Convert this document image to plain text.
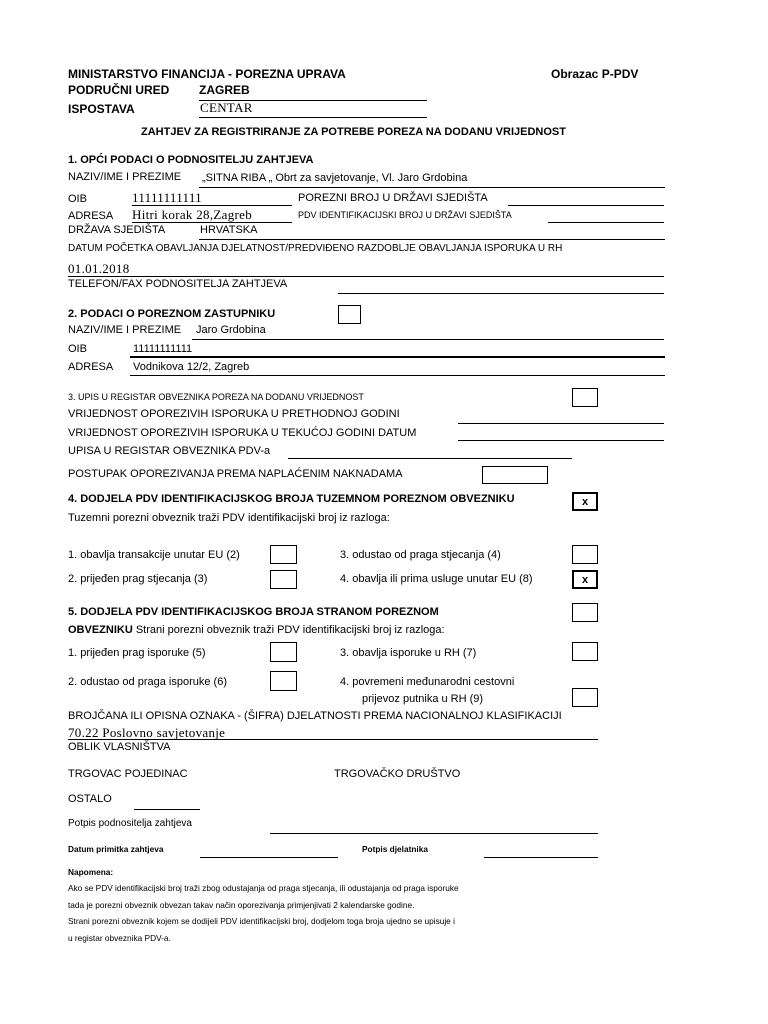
MINISTARSTVO FINANCIJA - POREZNA UPRAVA	Obrazac P-PDV
PODRUČNI URED ZAGREB
ISPOSTAVA	CENTAR
ZAHTJEV ZA REGISTRIRANJE ZA POTREBE POREZA NA DODANU VRIJEDNOST
1. OPĆI PODACI O PODNOSITELJU ZAHTJEVA
NAZIV/IME I PREZIME „SITNA RIBA „ Obrt za savjetovanje, Vl. Jaro Grdobina
OIB	11111111111	POREZNI BROJ U DRŽAVI SJEDIŠTA
ADRESA Hitri korak 28,Zagreb	PDV IDENTIFIKACIJSKI BROJ U DRŽAVI SJEDIŠTA
DRŽAVA SJEDIŠTA	HRVATSKA
DATUM POČETKA OBAVLJANJA DJELATNOST/PREDVIĐENO RAZDOBLJE OBAVLJANJA ISPORUKA U RH
01.01.2018
TELEFON/FAX PODNOSITELJA ZAHTJEVA
2. PODACI O POREZNOM ZASTUPNIKU
NAZIV/IME I PREZIME Jaro Grdobina
OIB	11111111111
ADRESA Vodnikova 12/2, Zagreb
3. UPIS U REGISTAR OBVEZNIKA POREZA NA DODANU VRIJEDNOST
VRIJEDNOST OPOREZIVIH ISPORUKA U PRETHODNOJ GODINI
VRIJEDNOST OPOREZIVIH ISPORUKA U TEKUĆOJ GODINI DATUM
UPISA U REGISTAR OBVEZNIKA PDV-a
POSTUPAK OPOREZIVANJA PREMA NAPLAĆENIM NAKNADAMA
4. DODJELA PDV IDENTIFIKACIJSKOG BROJA TUZEMNOM POREZNOM OBVEZNIKU	x
Tuzemni porezni obveznik traži PDV identifikacijski broj iz razloga:
1. obavlja transakcije unutar EU (2)	3. odustao od praga stjecanja (4)
2. prijeđen prag stjecanja (3)	4. obavlja ili prima usluge unutar EU (8)	x
5. DODJELA PDV IDENTIFIKACIJSKOG BROJA STRANOM POREZNOM
OBVEZNIKU Strani porezni obveznik traži PDV identifikacijski broj iz razloga:
1. prijeđen prag isporuke (5)	3. obavlja isporuke u RH (7)
2. odustao od praga isporuke (6)	4. povremeni međunarodni cestovni
prijevoz putnika u RH (9)
BROJČANA ILI OPISNA OZNAKA - (ŠIFRA) DJELATNOSTI PREMA NACIONALNOJ KLASIFIKACIJI
70.22 Poslovno savjetovanje
OBLIK VLASNIŠTVA
TRGOVAC POJEDINAC	TRGOVAČKO DRUŠTVO
OSTALO
Potpis podnositelja zahtjeva
Datum primitka zahtjeva	Potpis djelatnika
Napomena:
Ako se PDV identifikacijski broj traži zbog odustajanja od praga stjecanja, ili odustajanja od praga isporuke
tada je porezni obveznik obvezan takav način oporezivanja primjenjivati 2 kalendarske godine.
Strani porezni obveznik kojem se dodijeli PDV identifikacijski broj, dodjelom toga broja ujedno se upisuje i
u registar obveznika PDV-a.
